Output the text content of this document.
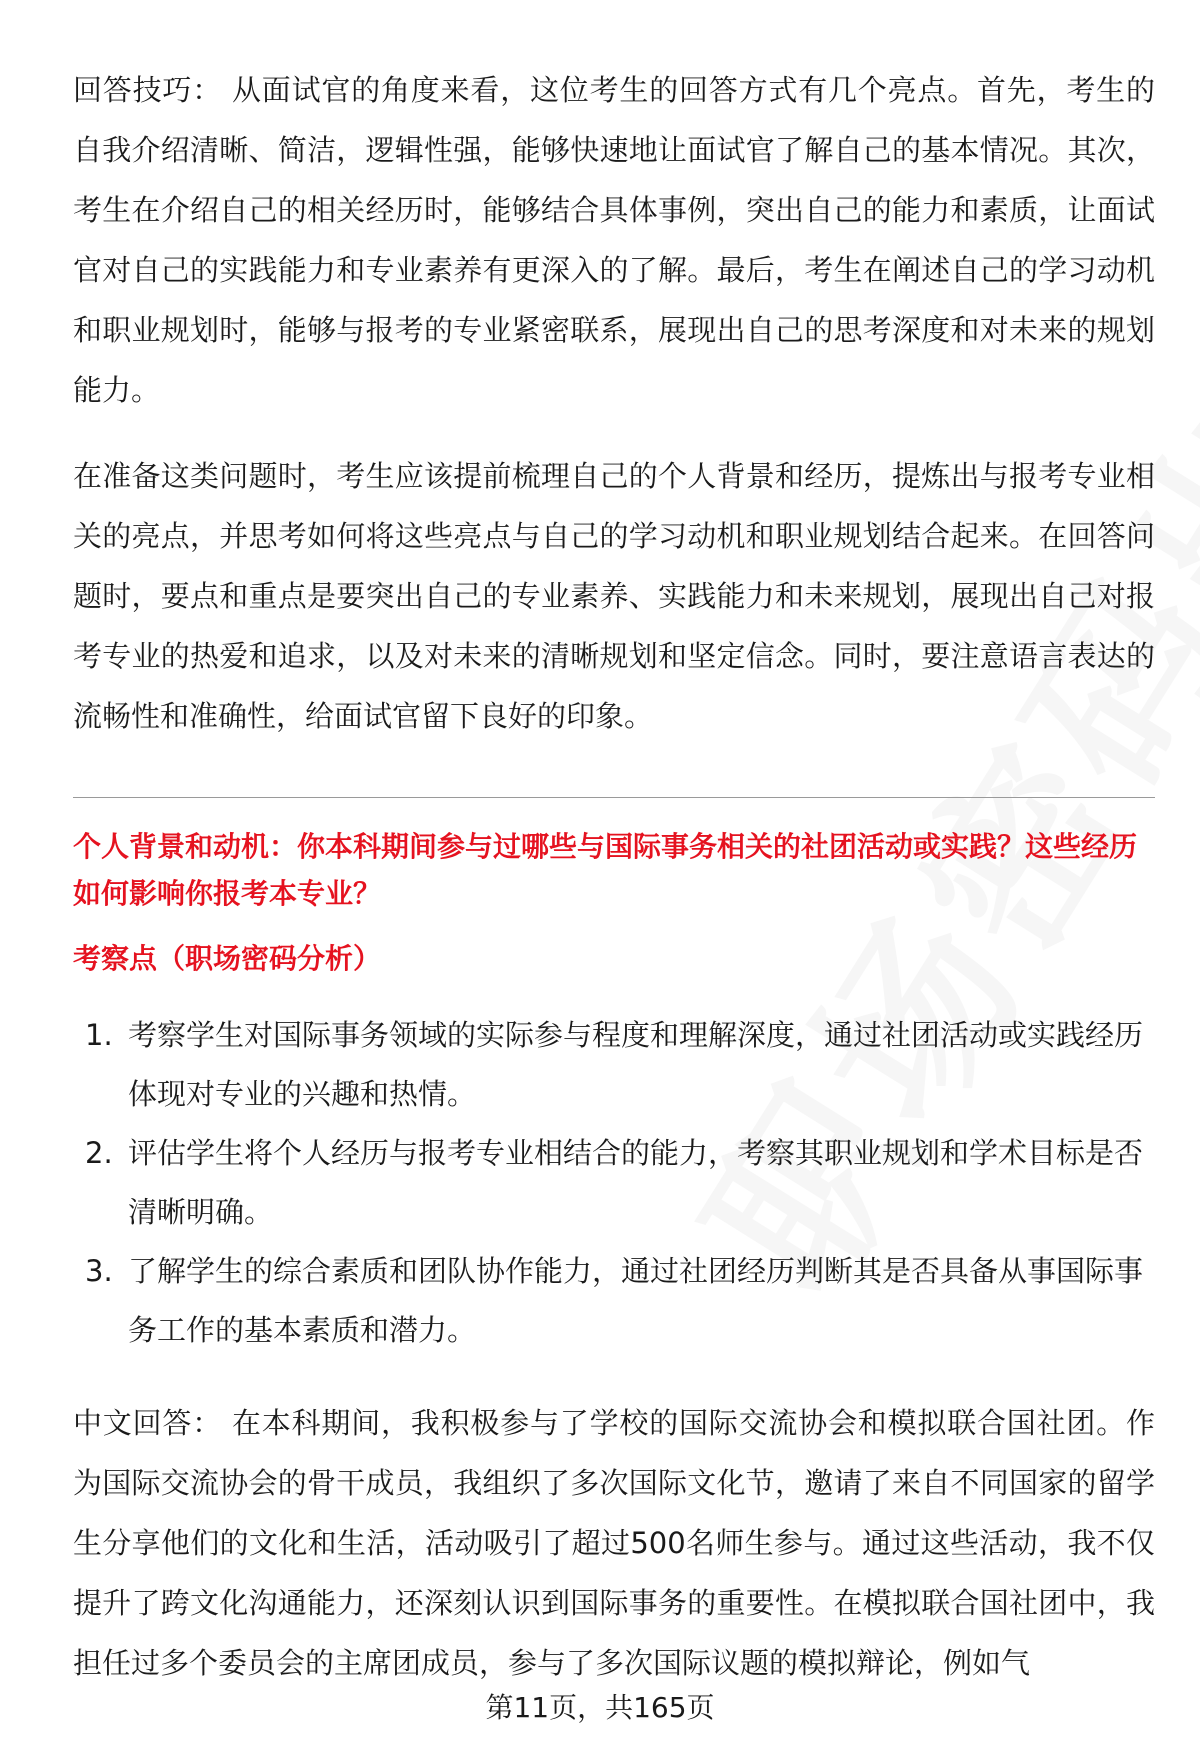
回答技巧： 从面试官的角度来看，这位考生的回答方式有几个亮点。首先，考生的自我介绍清晰、简洁，逻辑性强，能够快速地让面试官了解自己的基本情况。其次，考生在介绍自己的相关经历时，能够结合具体事例，突出自己的能力和素质，让面试官对自己的实践能力和专业素养有更深入的了解。最后，考生在阐述自己的学习动机和职业规划时，能够与报考的专业紧密联系，展现出自己的思考深度和对未来的规划能力。

在准备这类问题时，考生应该提前梳理自己的个人背景和经历，提炼出与报考专业相关的亮点，并思考如何将这些亮点与自己的学习动机和职业规划结合起来。在回答问题时，要点和重点是要突出自己的专业素养、实践能力和未来规划，展现出自己对报考专业的热爱和追求，以及对未来的清晰规划和坚定信念。同时，要注意语言表达的流畅性和准确性，给面试官留下良好的印象。

个人背景和动机：你本科期间参与过哪些与国际事务相关的社团活动或实践？这些经历如何影响你报考本专业？

考察点（职场密码分析）

1. 考察学生对国际事务领域的实际参与程度和理解深度，通过社团活动或实践经历体现对专业的兴趣和热情。
2. 评估学生将个人经历与报考专业相结合的能力，考察其职业规划和学术目标是否清晰明确。
3. 了解学生的综合素质和团队协作能力，通过社团经历判断其是否具备从事国际事务工作的基本素质和潜力。

中文回答： 在本科期间，我积极参与了学校的国际交流协会和模拟联合国社团。作为国际交流协会的骨干成员，我组织了多次国际文化节，邀请了来自不同国家的留学生分享他们的文化和生活，活动吸引了超过500名师生参与。通过这些活动，我不仅提升了跨文化沟通能力，还深刻认识到国际事务的重要性。在模拟联合国社团中，我担任过多个委员会的主席团成员，参与了多次国际议题的模拟辩论，例如气

第11页，共165页
